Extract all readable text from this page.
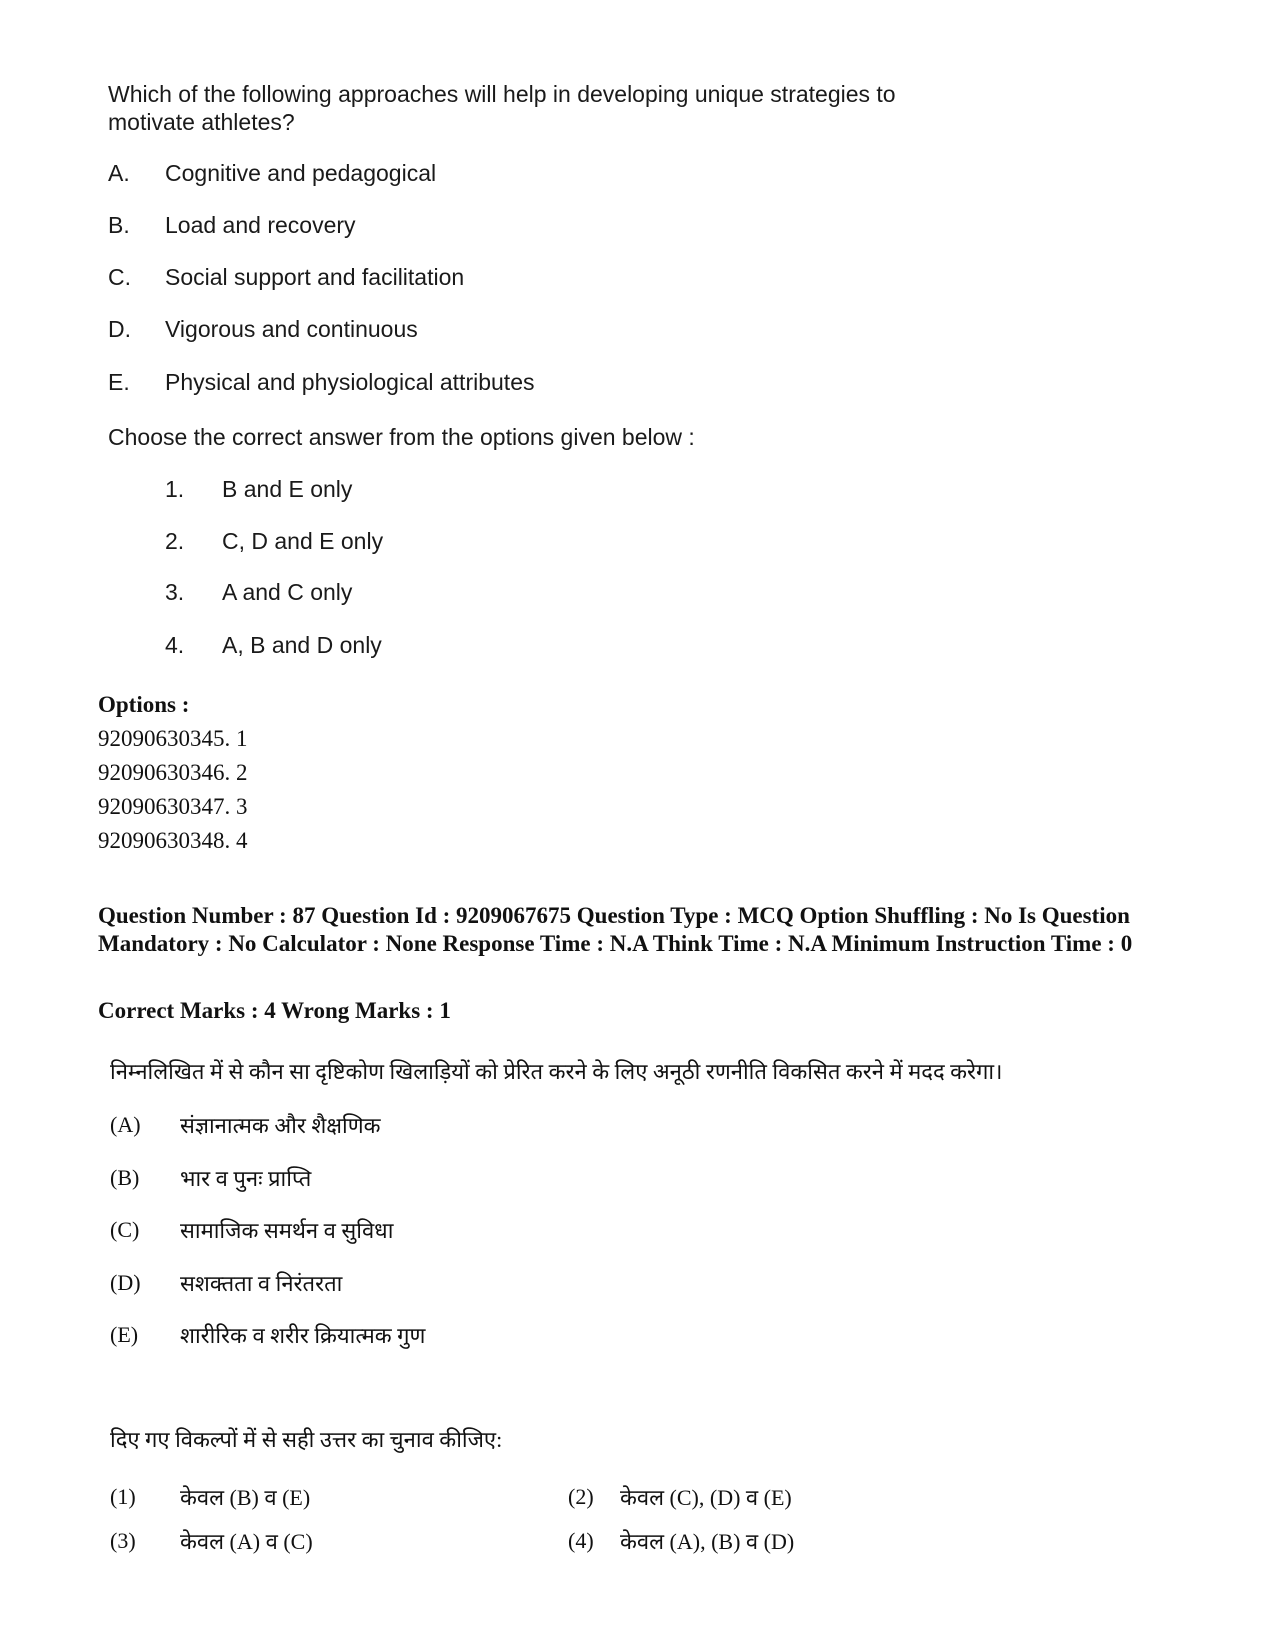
Which of the following approaches will help in developing unique strategies to motivate athletes?
A. Cognitive and pedagogical
B. Load and recovery
C. Social support and facilitation
D. Vigorous and continuous
E. Physical and physiological attributes
Choose the correct answer from the options given below :
1. B and E only
2. C, D and E only
3. A and C only
4. A, B and D only
Options :
92090630345. 1
92090630346. 2
92090630347. 3
92090630348. 4
Question Number : 87 Question Id : 9209067675 Question Type : MCQ Option Shuffling : No Is Question Mandatory : No Calculator : None Response Time : N.A Think Time : N.A Minimum Instruction Time : 0
Correct Marks : 4 Wrong Marks : 1
निम्नलिखित में से कौन सा दृष्टिकोण खिलाड़ियों को प्रेरित करने के लिए अनूठी रणनीति विकसित करने में मदद करेगा।
(A) संज्ञानात्मक और शैक्षणिक
(B) भार व पुनः प्राप्ति
(C) सामाजिक समर्थन व सुविधा
(D) सशक्तता व निरंतरता
(E) शारीरिक व शरीर क्रियात्मक गुण
दिए गए विकल्पों में से सही उत्तर का चुनाव कीजिए:
(1) केवल (B) व (E)	(2) केवल (C), (D) व (E)
(3) केवल (A) व (C)	(4) केवल (A), (B) व (D)
